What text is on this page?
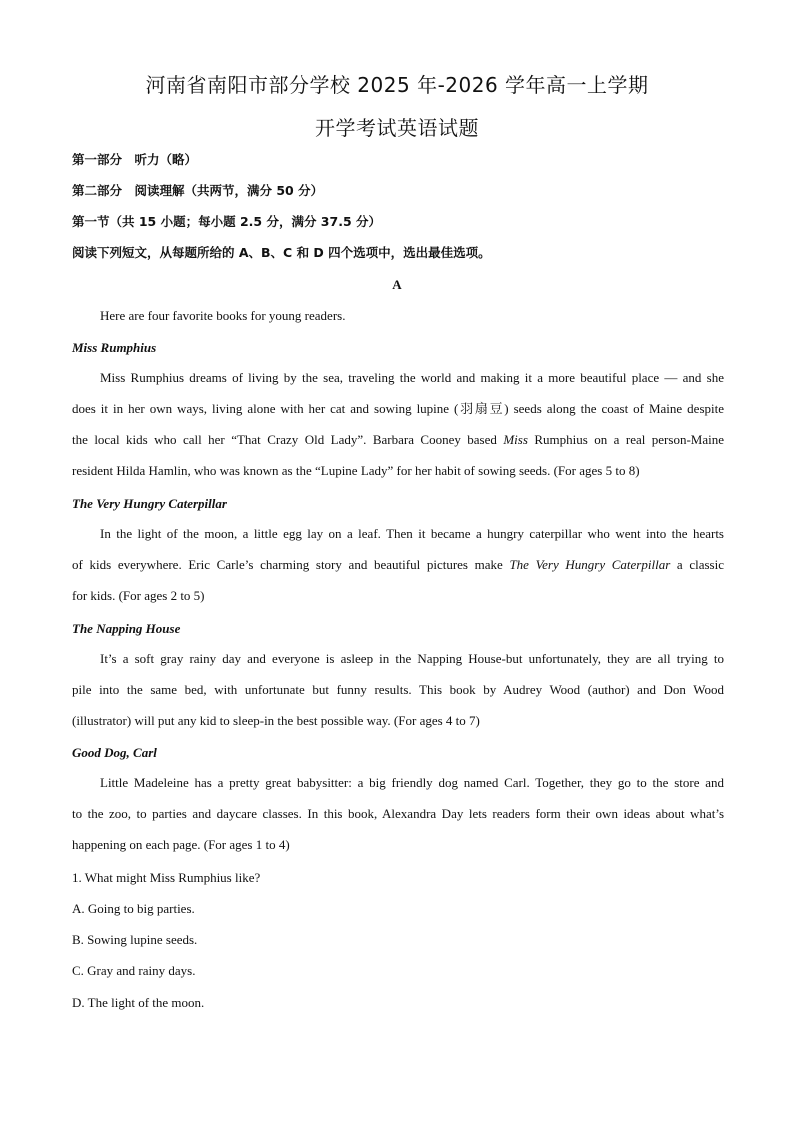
河南省南阳市部分学校 2025 年-2026 学年高一上学期
开学考试英语试题
第一部分　听力（略）
第二部分　阅读理解（共两节，满分 50 分）
第一节（共 15 小题；每小题 2.5 分，满分 37.5 分）
阅读下列短文，从每题所给的 A、B、C 和 D 四个选项中，选出最佳选项。
A
Here are four favorite books for young readers.
Miss Rumphius
Miss Rumphius dreams of living by the sea, traveling the world and making it a more beautiful place — and she
does it in her own ways, living alone with her cat and sowing lupine (羽扇豆) seeds along the coast of Maine despite
the local kids who call her “That Crazy Old Lady”. Barbara Cooney based Miss Rumphius on a real person-Maine
resident Hilda Hamlin, who was known as the “Lupine Lady” for her habit of sowing seeds. (For ages 5 to 8)
The Very Hungry Caterpillar
In the light of the moon, a little egg lay on a leaf. Then it became a hungry caterpillar who went into the hearts
of kids everywhere. Eric Carle’s charming story and beautiful pictures make The Very Hungry Caterpillar a classic
for kids. (For ages 2 to 5)
The Napping House
It’s a soft gray rainy day and everyone is asleep in the Napping House-but unfortunately, they are all trying to
pile into the same bed, with unfortunate but funny results. This book by Audrey Wood (author) and Don Wood
(illustrator) will put any kid to sleep-in the best possible way. (For ages 4 to 7)
Good Dog, Carl
Little Madeleine has a pretty great babysitter: a big friendly dog named Carl. Together, they go to the store and
to the zoo, to parties and daycare classes. In this book, Alexandra Day lets readers form their own ideas about what’s
happening on each page. (For ages 1 to 4)
1. What might Miss Rumphius like?
A. Going to big parties.
B. Sowing lupine seeds.
C. Gray and rainy days.
D. The light of the moon.
